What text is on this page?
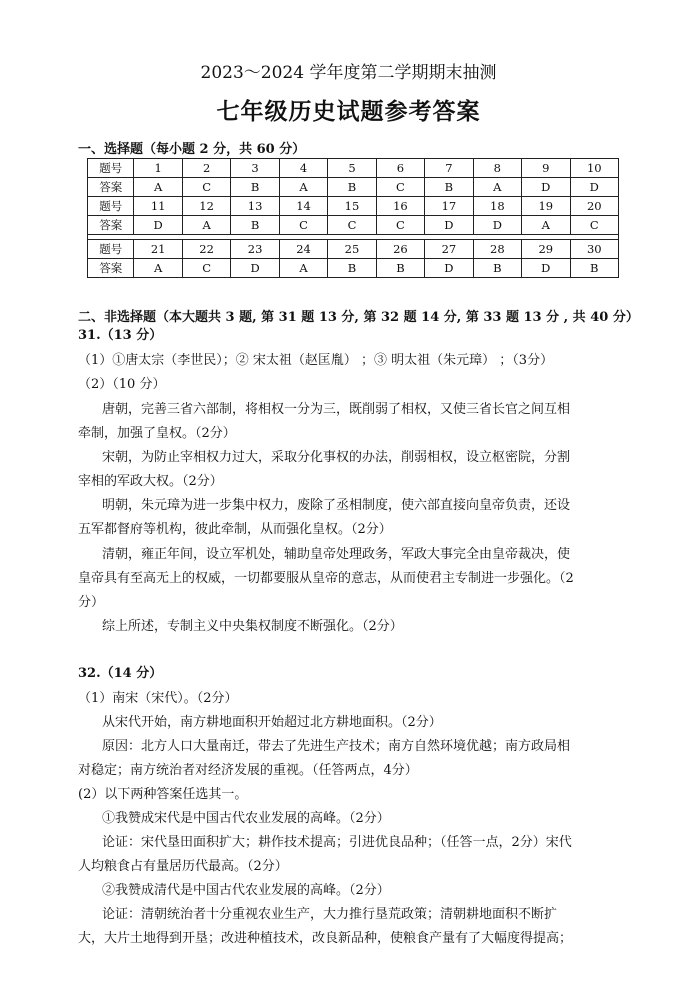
2023～2024 学年度第二学期期末抽测
七年级历史试题参考答案
一、选择题（每小题 2 分，共 60 分）
题号	1	2	3	4	5	6	7	8	9	10
答案	A	C	B	A	B	C	B	A	D	D
题号	11	12	13	14	15	16	17	18	19	20
答案	D	A	B	C	C	C	D	D	A	C

题号	21	22	23	24	25	26	27	28	29	30
答案	A	C	D	A	B	B	D	B	D	B
二、非选择题（本大题共 3 题, 第 31 题 13 分, 第 32 题 14 分, 第 33 题 13 分 , 共 40 分）
31.（13 分）
（1）①唐太宗（李世民）；② 宋太祖（赵匡胤） ；③ 明太祖（朱元璋） ；（3分）
（2）（10 分）
唐朝，完善三省六部制，将相权一分为三，既削弱了相权，又使三省长官之间互相
牵制，加强了皇权。（2分）
宋朝，为防止宰相权力过大，采取分化事权的办法，削弱相权，设立枢密院，分割
宰相的军政大权。（2分）
明朝，朱元璋为进一步集中权力，废除了丞相制度，使六部直接向皇帝负责，还设
五军都督府等机构，彼此牵制，从而强化皇权。（2分）
清朝，雍正年间，设立军机处，辅助皇帝处理政务，军政大事完全由皇帝裁决，使
皇帝具有至高无上的权威，一切都要服从皇帝的意志，从而使君主专制进一步强化。（2
分）
综上所述，专制主义中央集权制度不断强化。（2分）
32.（14 分）
（1）南宋（宋代）。（2分）
从宋代开始，南方耕地面积开始超过北方耕地面积。（2分）
原因：北方人口大量南迁，带去了先进生产技术；南方自然环境优越；南方政局相
对稳定；南方统治者对经济发展的重视。（任答两点，4分）
(2）以下两种答案任选其一。
①我赞成宋代是中国古代农业发展的高峰。（2分）
论证：宋代垦田面积扩大；耕作技术提高；引进优良品种；（任答一点，2分）宋代
人均粮食占有量居历代最高。（2分）
②我赞成清代是中国古代农业发展的高峰。（2分）
论证：清朝统治者十分重视农业生产，大力推行垦荒政策；清朝耕地面积不断扩
大，大片土地得到开垦；改进种植技术，改良新品种，使粮食产量有了大幅度得提高；
